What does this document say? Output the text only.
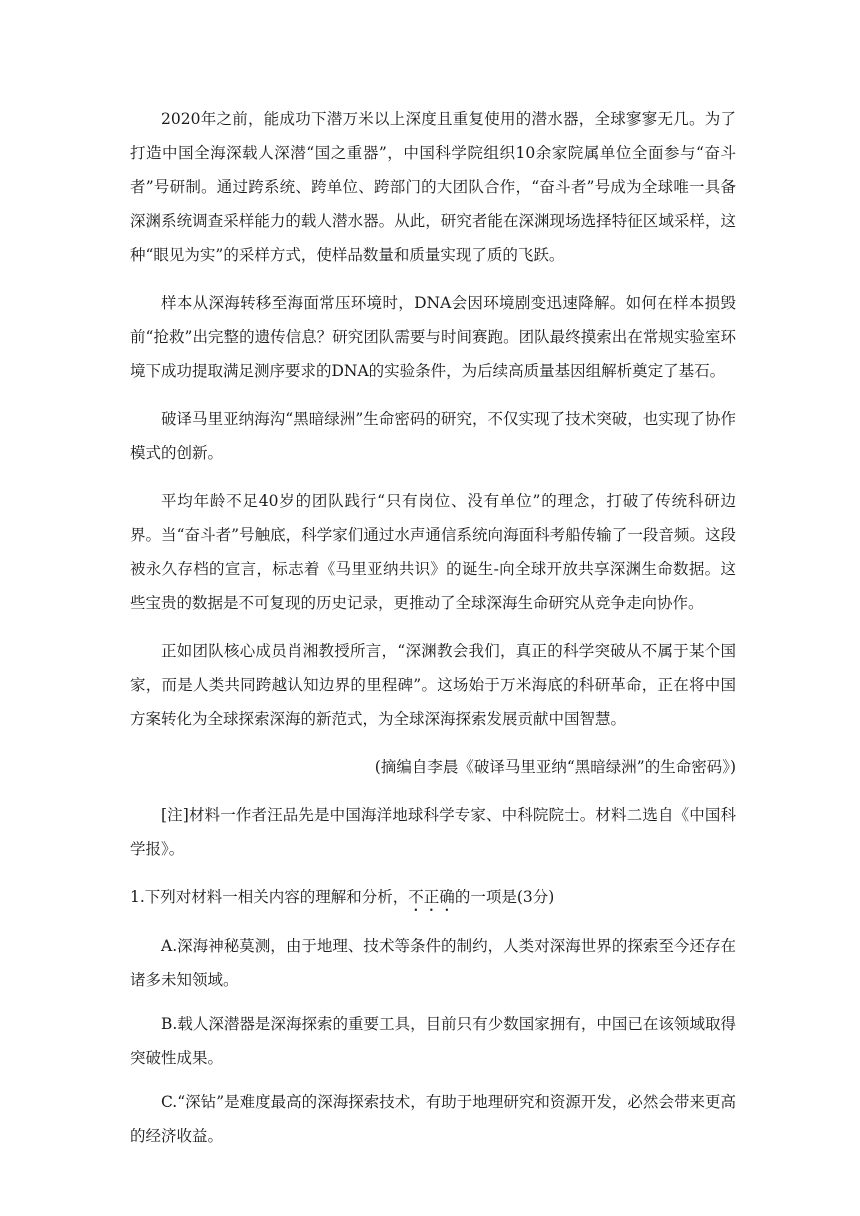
2020年之前，能成功下潜万米以上深度且重复使用的潜水器，全球寥寥无几。为了打造中国全海深载人深潜“国之重器”，中国科学院组织10余家院属单位全面参与“奋斗者”号研制。通过跨系统、跨单位、跨部门的大团队合作，“奋斗者”号成为全球唯一具备深渊系统调查采样能力的载人潜水器。从此，研究者能在深渊现场选择特征区域采样，这种“眼见为实”的采样方式，使样品数量和质量实现了质的飞跃。

样本从深海转移至海面常压环境时，DNA会因环境剧变迅速降解。如何在样本损毁前“抢救”出完整的遗传信息？研究团队需要与时间赛跑。团队最终摸索出在常规实验室环境下成功提取满足测序要求的DNA的实验条件，为后续高质量基因组解析奠定了基石。

破译马里亚纳海沟“黑暗绿洲”生命密码的研究，不仅实现了技术突破，也实现了协作模式的创新。

平均年龄不足40岁的团队践行“只有岗位、没有单位”的理念，打破了传统科研边界。当“奋斗者”号触底，科学家们通过水声通信系统向海面科考船传输了一段音频。这段被永久存档的宣言，标志着《马里亚纳共识》的诞生-向全球开放共享深渊生命数据。这些宝贵的数据是不可复现的历史记录，更推动了全球深海生命研究从竞争走向协作。

正如团队核心成员肖湘教授所言，“深渊教会我们，真正的科学突破从不属于某个国家，而是人类共同跨越认知边界的里程碑”。这场始于万米海底的科研革命，正在将中国方案转化为全球探索深海的新范式，为全球深海探索发展贡献中国智慧。

(摘编自李晨《破译马里亚纳“黑暗绿洲”的生命密码》)

[注]材料一作者汪品先是中国海洋地球科学专家、中科院院士。材料二选自《中国科学报》。

1.下列对材料一相关内容的理解和分析，不正确的一项是(3分)

A.深海神秘莫测，由于地理、技术等条件的制约，人类对深海世界的探索至今还存在诸多未知领域。

B.载人深潜器是深海探索的重要工具，目前只有少数国家拥有，中国已在该领域取得突破性成果。

C.“深钻”是难度最高的深海探索技术，有助于地理研究和资源开发，必然会带来更高的经济收益。
